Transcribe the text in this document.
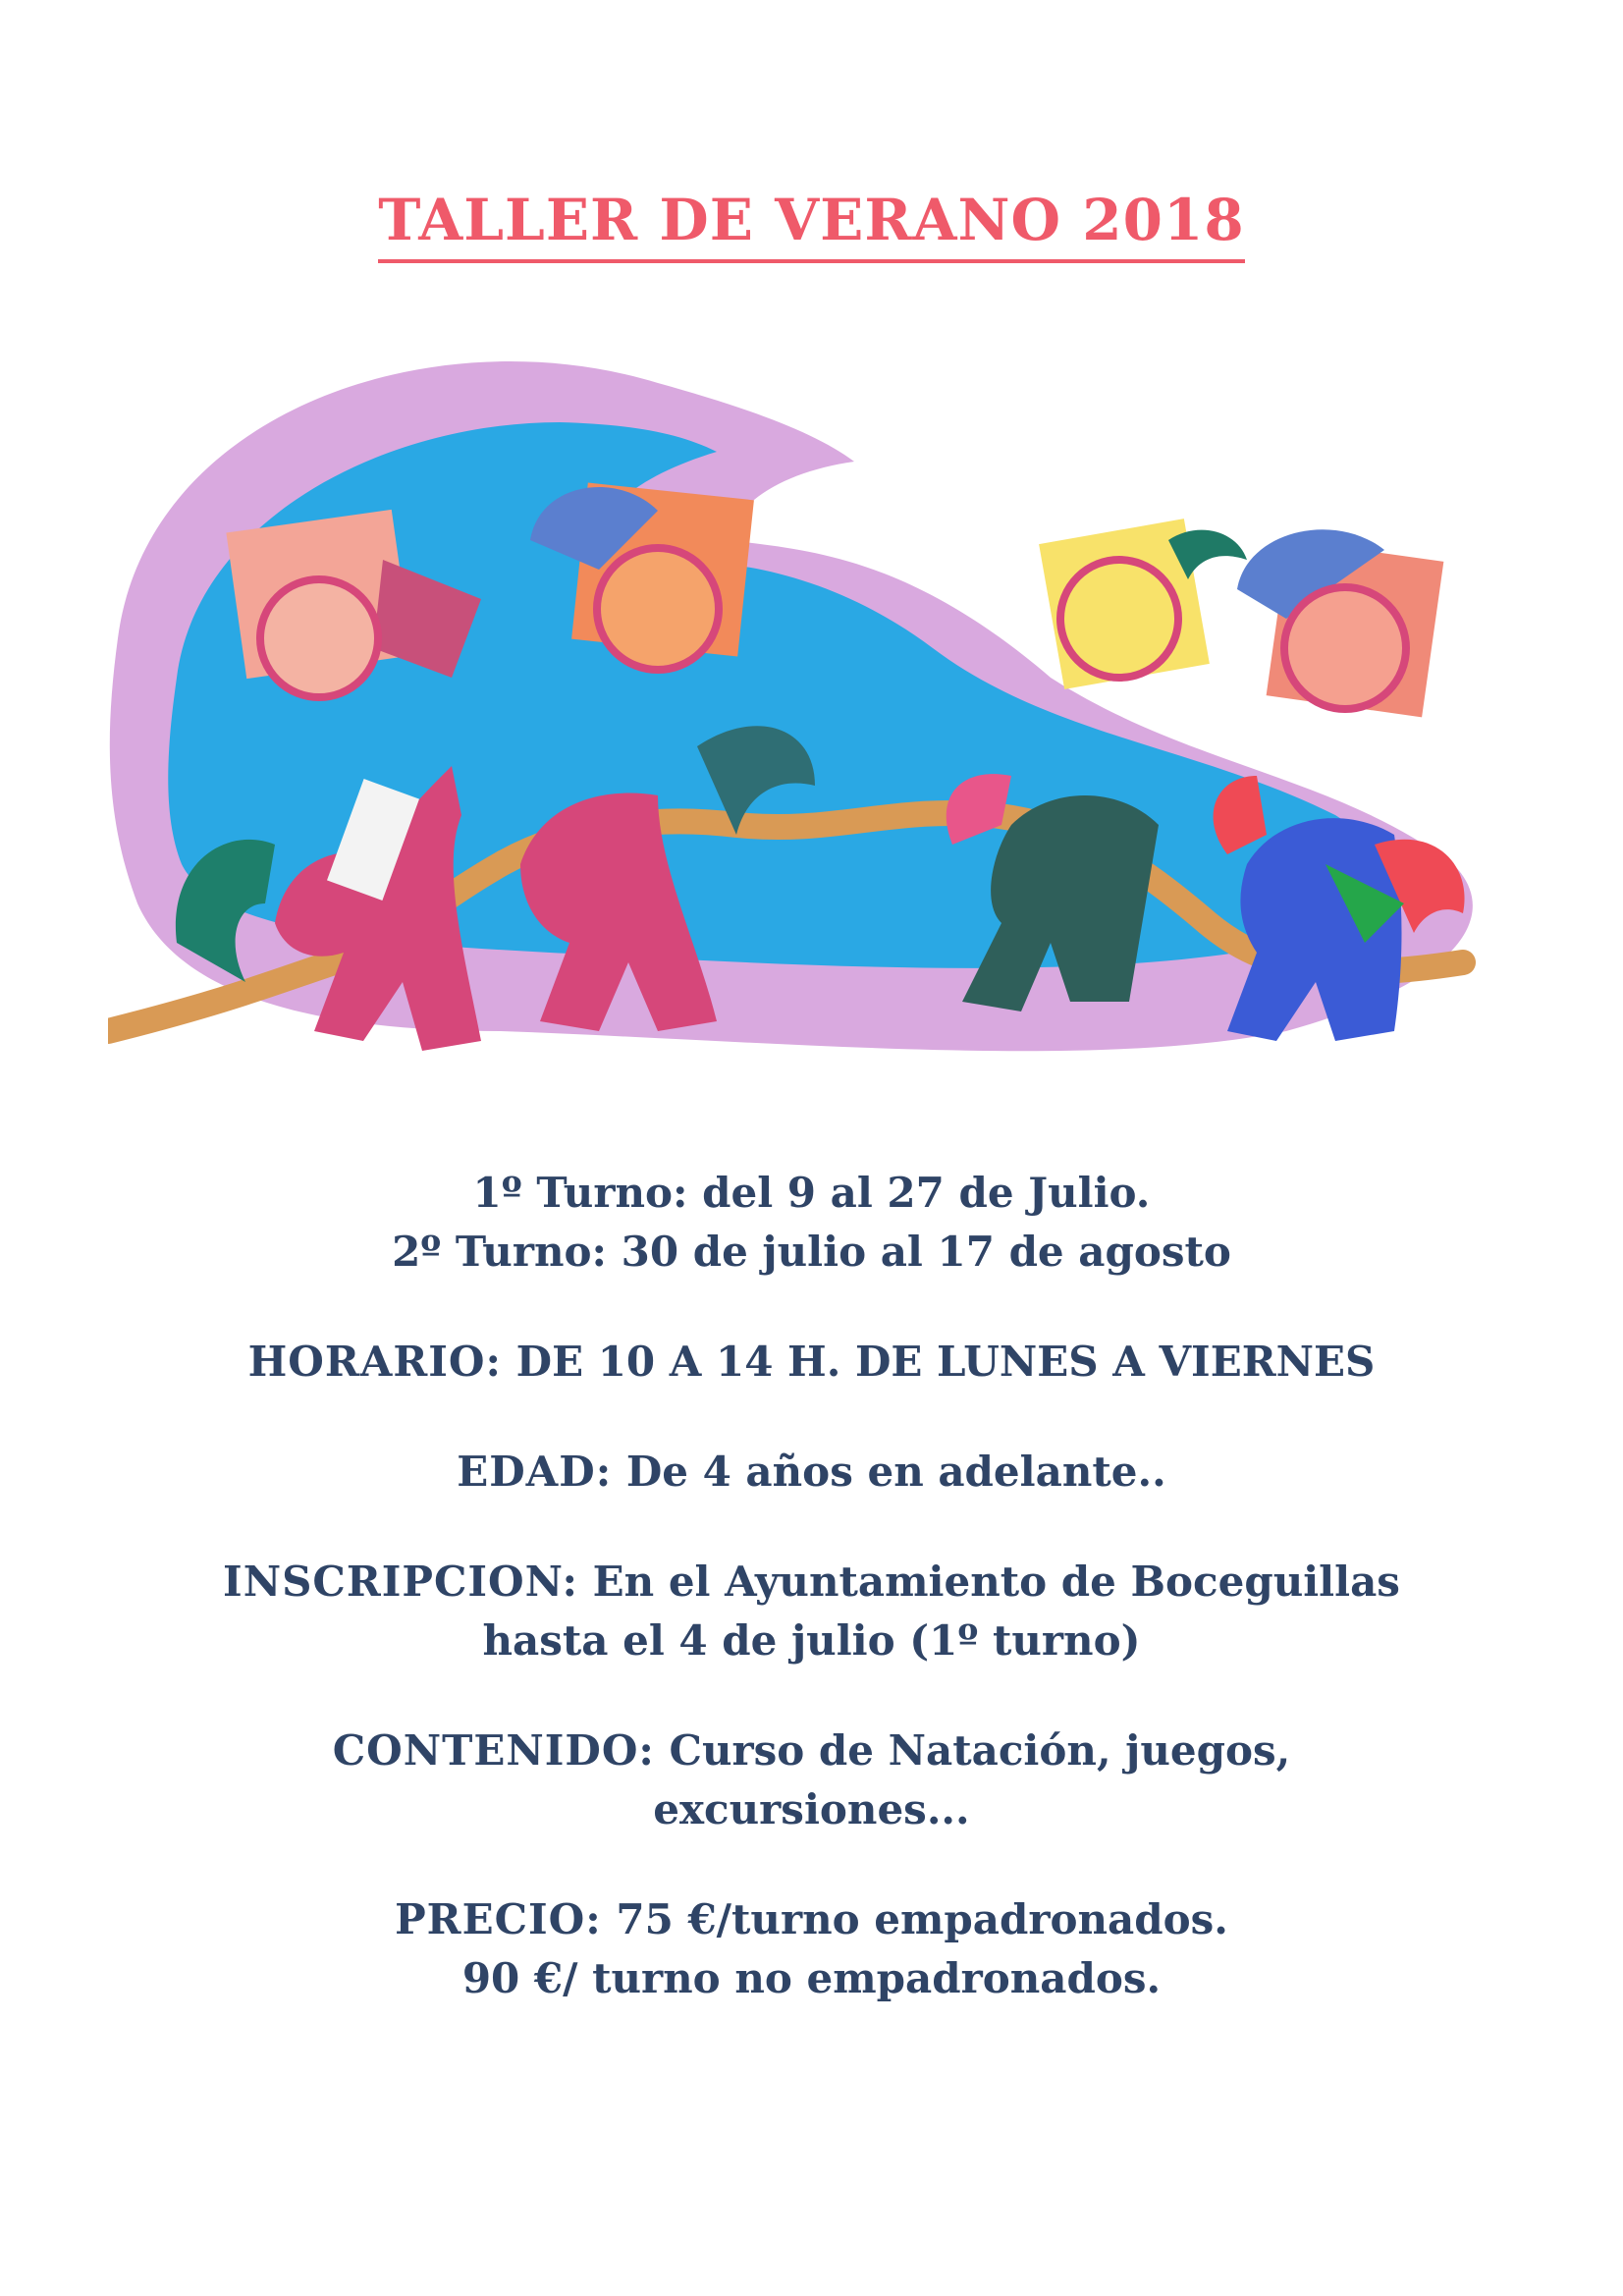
TALLER DE VERANO 2018
1º Turno: del 9 al 27 de Julio.
2º Turno: 30 de julio al 17 de agosto
HORARIO: DE 10 A 14 H. DE LUNES A VIERNES
EDAD: De 4 años en adelante..
INSCRIPCION: En el Ayuntamiento de Boceguillas
hasta el 4 de julio (1º turno)
CONTENIDO: Curso de Natación, juegos,
excursiones...
PRECIO: 75 €/turno empadronados.
90 €/ turno no empadronados.
